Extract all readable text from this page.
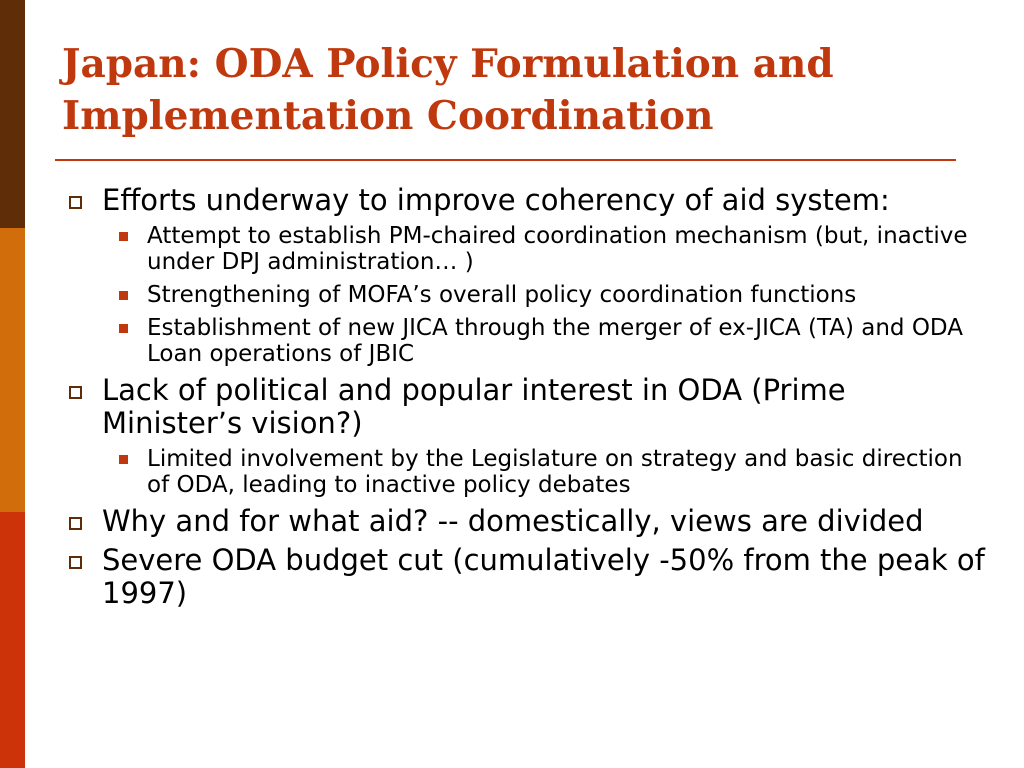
Japan: ODA Policy Formulation and Implementation Coordination
Efforts underway to improve coherency of aid system:
Attempt to establish PM-chaired coordination mechanism (but, inactive under DPJ administration… )
Strengthening of MOFA’s overall policy coordination functions
Establishment of new JICA through the merger of ex-JICA (TA) and ODA Loan operations of JBIC
Lack of political and popular interest in ODA (Prime Minister’s vision?)
Limited involvement by the Legislature on strategy and basic direction of ODA, leading to inactive policy debates
Why and for what aid? -- domestically, views are divided
Severe ODA budget cut (cumulatively -50% from the peak of 1997)
